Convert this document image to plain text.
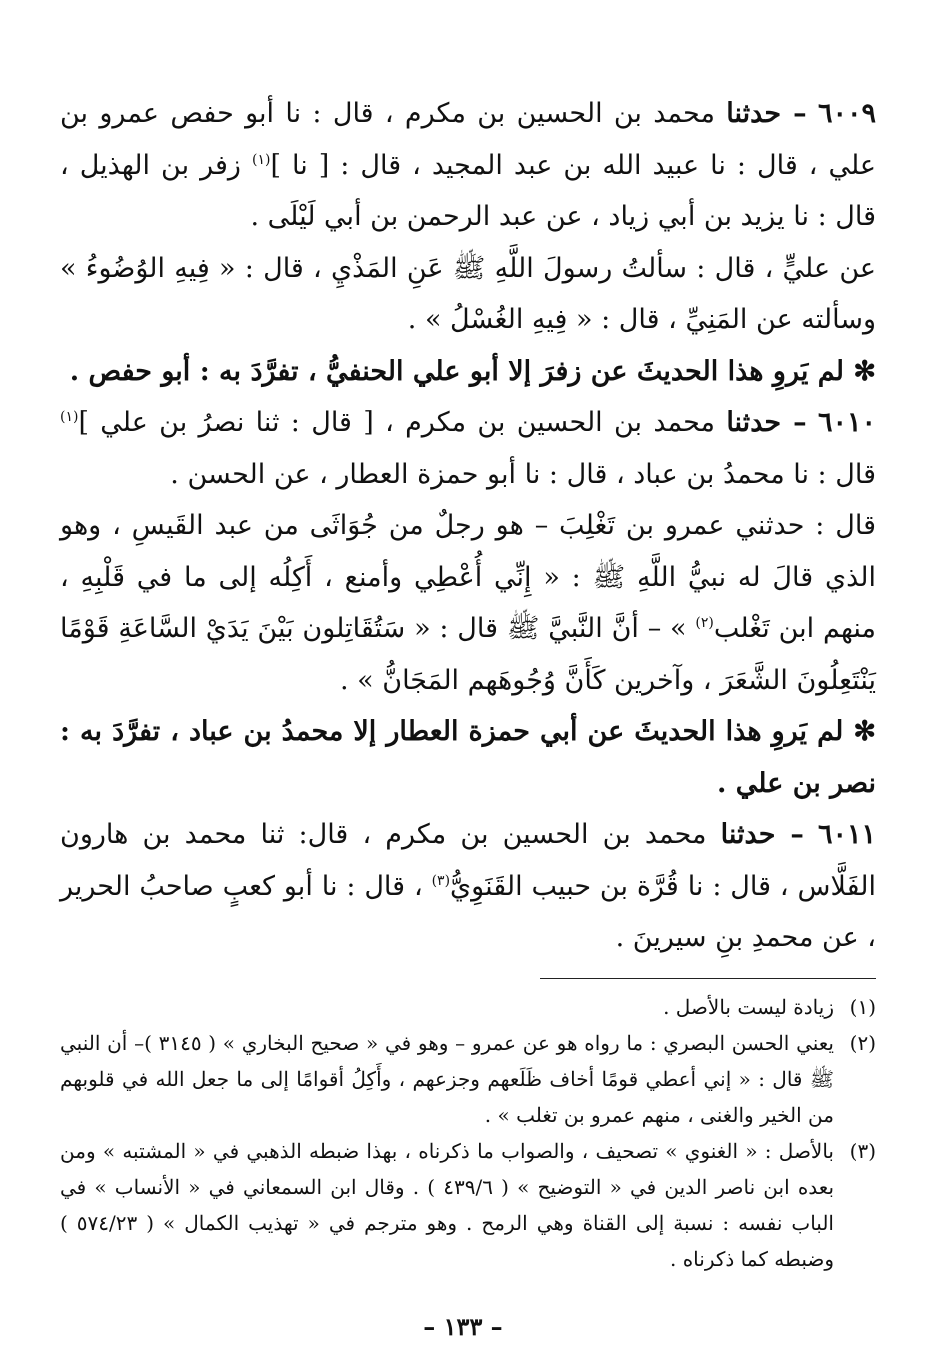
٦٠٠٩ – حدثنا محمد بن الحسين بن مكرم ، قال : نا أبو حفص عمرو بن علي ، قال : نا عبيد الله بن عبد المجيد ، قال : [ نا ]$^{(١)}$ زفر بن الهذيل ، قال : نا يزيد بن أبي زياد ، عن عبد الرحمن بن أبي لَيْلَى .

عن عليٍّ ، قال : سألتُ رسولَ اللَّهِ ﷺ عَنِ المَذْيِ ، قال : « فِيهِ الوُضُوءُ » وسألته عن المَنِيِّ ، قال : « فِيهِ الغُسْلُ » .

✻ لم يَروِ هذا الحديثَ عن زفرَ إلا أبو علي الحنفيُّ ، تفرَّدَ به : أبو حفص .

٦٠١٠ – حدثنا محمد بن الحسين بن مكرم ، [ قال : ثنا نصرُ بن علي ]$^{(١)}$ قال : نا محمدُ بن عباد ، قال : نا أبو حمزة العطار ، عن الحسن .

قال : حدثني عمرو بن تَغْلِبَ – هو رجلٌ من جُوَاثَى من عبد القَيسِ ، وهو الذي قالَ له نبيُّ اللَّهِ ﷺ : « إِنِّي أُعْطِي وأمنع ، أَكِلُه إلى ما في قَلْبِهِ ، منهم ابن تَغْلب$^{(٢)}$ » – أنَّ النَّبيَّ ﷺ قال : « سَتُقَاتِلون بَيْنَ يَدَيْ السَّاعَةِ قَوْمًا يَنْتَعِلُونَ الشَّعَرَ ، وآخرين كَأَنَّ وُجُوهَهم المَجَانُّ » .

✻ لم يَروِ هذا الحديثَ عن أبي حمزة العطار إلا محمدُ بن عباد ، تفرَّدَ به : نصر بن علي .

٦٠١١ – حدثنا محمد بن الحسين بن مكرم ، قال: ثنا محمد بن هارون الفَلَّاس ، قال : نا قُرَّة بن حبيب القَنَوِيُّ$^{(٣)}$ ، قال : نا أبو كعبٍ صاحبُ الحرير ، عن محمدِ بنِ سيرينَ .

(١)
زيادة ليست بالأصل .

(٢)
يعني الحسن البصري : ما رواه هو عن عمرو – وهو في « صحيح البخاري » ( ٣١٤٥ )– أن النبي ﷺ قال : « إني أعطي قومًا أخاف ظَلَعهم وجزعهم ، وأَكِلُ أقوامًا إلى ما جعل الله في قلوبهم من الخير والغنى ، منهم عمرو بن تغلب » .

(٣)
بالأصل : « الغنوي » تصحيف ، والصواب ما ذكرناه ، بهذا ضبطه الذهبي في « المشتبه » ومن بعده ابن ناصر الدين في « التوضيح » ( ٤٣٩/٦ ) . وقال ابن السمعاني في « الأنساب » في الباب نفسه : نسبة إلى القناة وهي الرمح . وهو مترجم في « تهذيب الكمال » ( ٥٧٤/٢٣ ) وضبطه كما ذكرناه .

– ١٣٣ –
